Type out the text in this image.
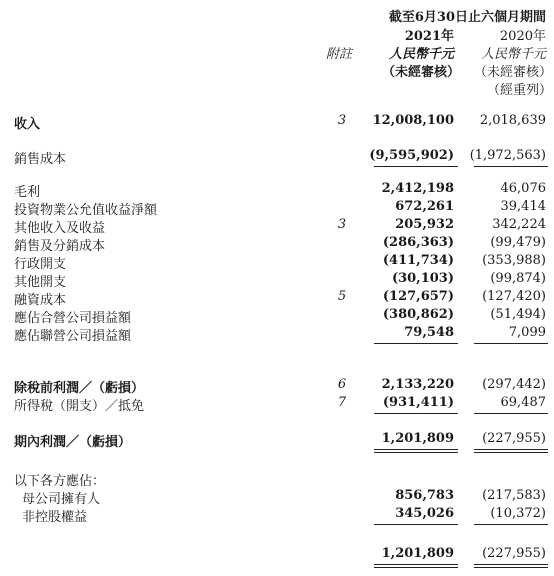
截至6月30日止六個月期間
2021年	2020年
附註	人民幣千元 人民幣千元
（未經審核） （未經審核）
（經重列）
收入	3 12,008,100 2,018,639
銷售成本	(9,595,902) (1,972,563)
毛利	2,412,198	46,076
投資物業公允值收益淨額	672,261	39,414
其他收入及收益	3	205,932	342,224
銷售及分銷成本	(286,363)	(99,479)
行政開支	(411,734) (353,988)
其他開支	(30,103)	(99,874)
融資成本	5	(127,657) (127,420)
應佔合營公司損益額	(380,862)	(51,494)
應佔聯營公司損益額	79,548	7,099
除稅前利潤／（虧損）	6	2,133,220 (297,442)
所得稅（開支）／抵免	7	(931,411)	69,487
期內利潤／（虧損）	1,201,809 (227,955)
以下各方應佔：
母公司擁有人	856,783 (217,583)
非控股權益	345,026	(10,372)
1,201,809 (227,955)
